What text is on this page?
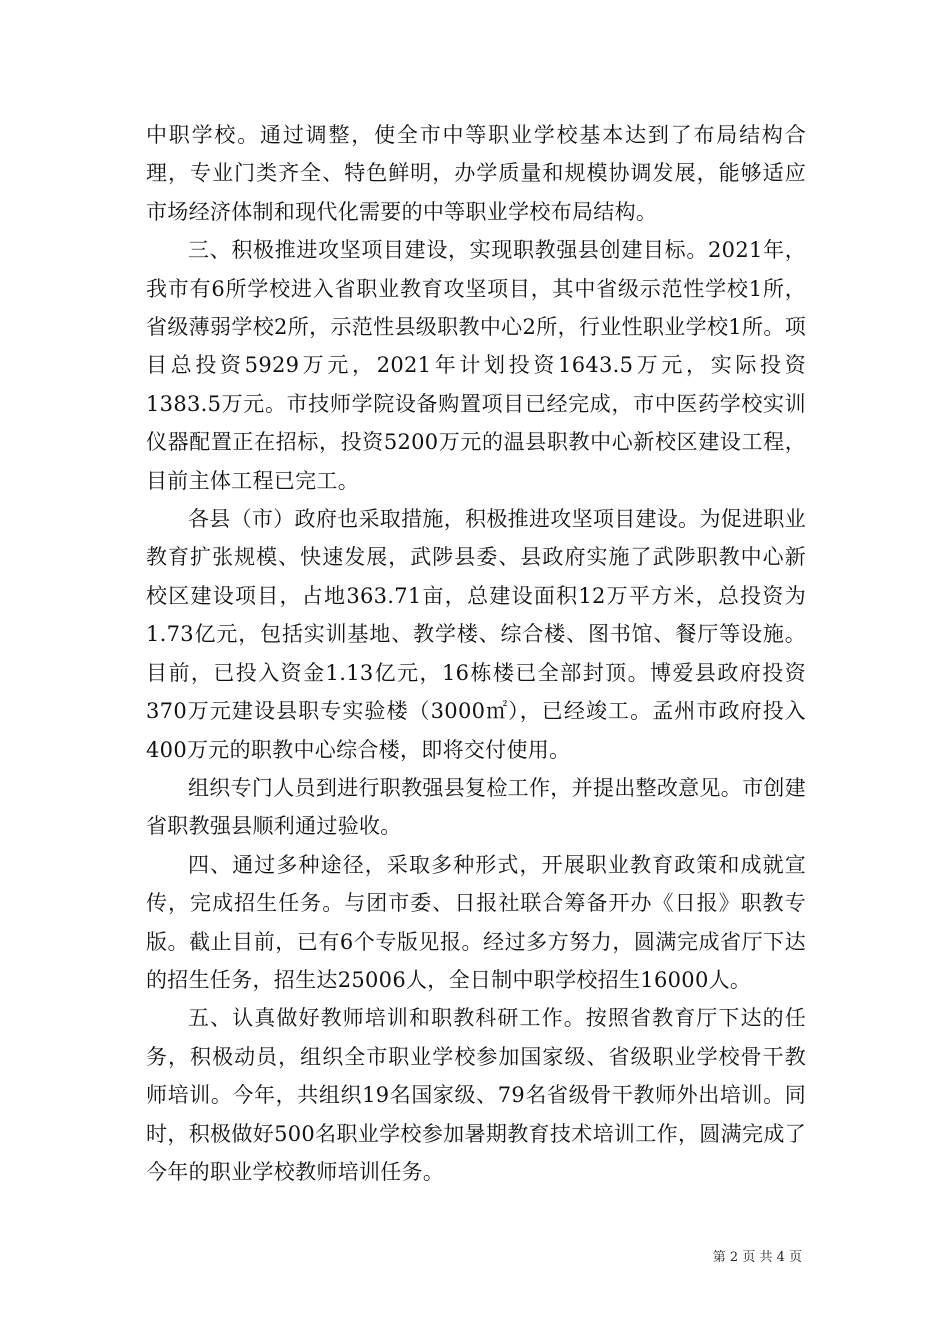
中职学校。通过调整，使全市中等职业学校基本达到了布局结构合理，专业门类齐全、特色鲜明，办学质量和规模协调发展，能够适应市场经济体制和现代化需要的中等职业学校布局结构。

三、积极推进攻坚项目建设，实现职教强县创建目标。2021年，我市有6所学校进入省职业教育攻坚项目，其中省级示范性学校1所，省级薄弱学校2所，示范性县级职教中心2所，行业性职业学校1所。项目总投资5929万元，2021年计划投资1643.5万元，实际投资1383.5万元。市技师学院设备购置项目已经完成，市中医药学校实训仪器配置正在招标，投资5200万元的温县职教中心新校区建设工程，目前主体工程已完工。

各县（市）政府也采取措施，积极推进攻坚项目建设。为促进职业教育扩张规模、快速发展，武陟县委、县政府实施了武陟职教中心新校区建设项目，占地363.71亩，总建设面积12万平方米，总投资为1.73亿元，包括实训基地、教学楼、综合楼、图书馆、餐厅等设施。目前，已投入资金1.13亿元，16栋楼已全部封顶。博爱县政府投资370万元建设县职专实验楼（3000㎡），已经竣工。孟州市政府投入400万元的职教中心综合楼，即将交付使用。

组织专门人员到进行职教强县复检工作，并提出整改意见。市创建省职教强县顺利通过验收。

四、通过多种途径，采取多种形式，开展职业教育政策和成就宣传，完成招生任务。与团市委、日报社联合筹备开办《日报》职教专版。截止目前，已有6个专版见报。经过多方努力，圆满完成省厅下达的招生任务，招生达25006人，全日制中职学校招生16000人。

五、认真做好教师培训和职教科研工作。按照省教育厅下达的任务，积极动员，组织全市职业学校参加国家级、省级职业学校骨干教师培训。今年，共组织19名国家级、79名省级骨干教师外出培训。同时，积极做好500名职业学校参加暑期教育技术培训工作，圆满完成了今年的职业学校教师培训任务。

第 2 页 共 4 页
